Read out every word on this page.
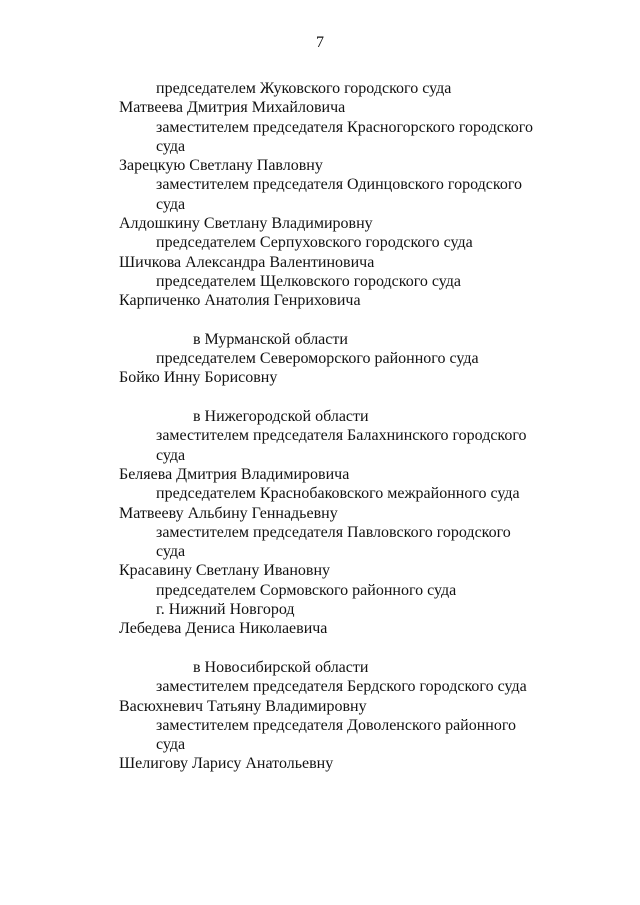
7
председателем Жуковского городского суда
Матвеева Дмитрия Михайловича
заместителем председателя Красногорского городского
суда
Зарецкую Светлану Павловну
заместителем председателя Одинцовского городского
суда
Алдошкину Светлану Владимировну
председателем Серпуховского городского суда
Шичкова Александра Валентиновича
председателем Щелковского городского суда
Карпиченко Анатолия Генриховича
в Мурманской области
председателем Североморского районного суда
Бойко Инну Борисовну
в Нижегородской области
заместителем председателя Балахнинского городского
суда
Беляева Дмитрия Владимировича
председателем Краснобаковского межрайонного суда
Матвееву Альбину Геннадьевну
заместителем председателя Павловского городского
суда
Красавину Светлану Ивановну
председателем Сормовского районного суда
г. Нижний Новгород
Лебедева Дениса Николаевича
в Новосибирской области
заместителем председателя Бердского городского суда
Васюхневич Татьяну Владимировну
заместителем председателя Доволенского районного
суда
Шелигову Ларису Анатольевну
